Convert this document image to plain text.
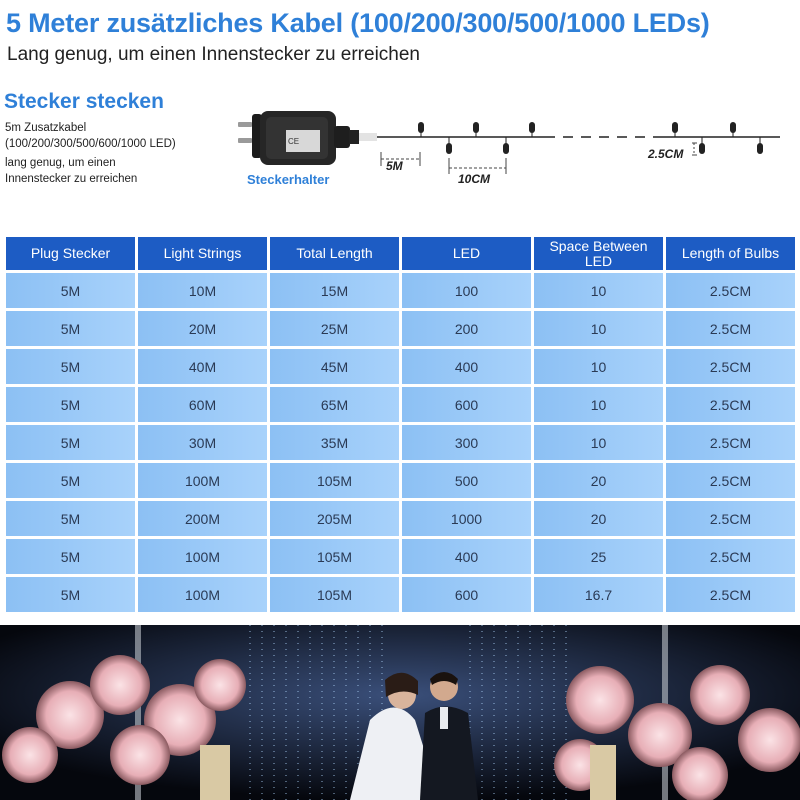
5 Meter zusätzliches Kabel (100/200/300/500/1000 LEDs)
Lang genug, um einen Innenstecker zu erreichen
Stecker stecken
5m Zusatzkabel
(100/200/300/500/600/1000 LED)
lang genug, um einen
Innenstecker zu erreichen	Steckerhalter
CE
5M
10CM
2.5CM
Plug Stecker	Light Strings	Total Length	LED	Space Between LED	Length of Bulbs
5M	10M	15M	100	10	2.5CM
5M	20M	25M	200	10	2.5CM
5M	40M	45M	400	10	2.5CM
5M	60M	65M	600	10	2.5CM
5M	30M	35M	300	10	2.5CM
5M	100M	105M	500	20	2.5CM
5M	200M	205M	1000	20	2.5CM
5M	100M	105M	400	25	2.5CM
5M	100M	105M	600	16.7	2.5CM
